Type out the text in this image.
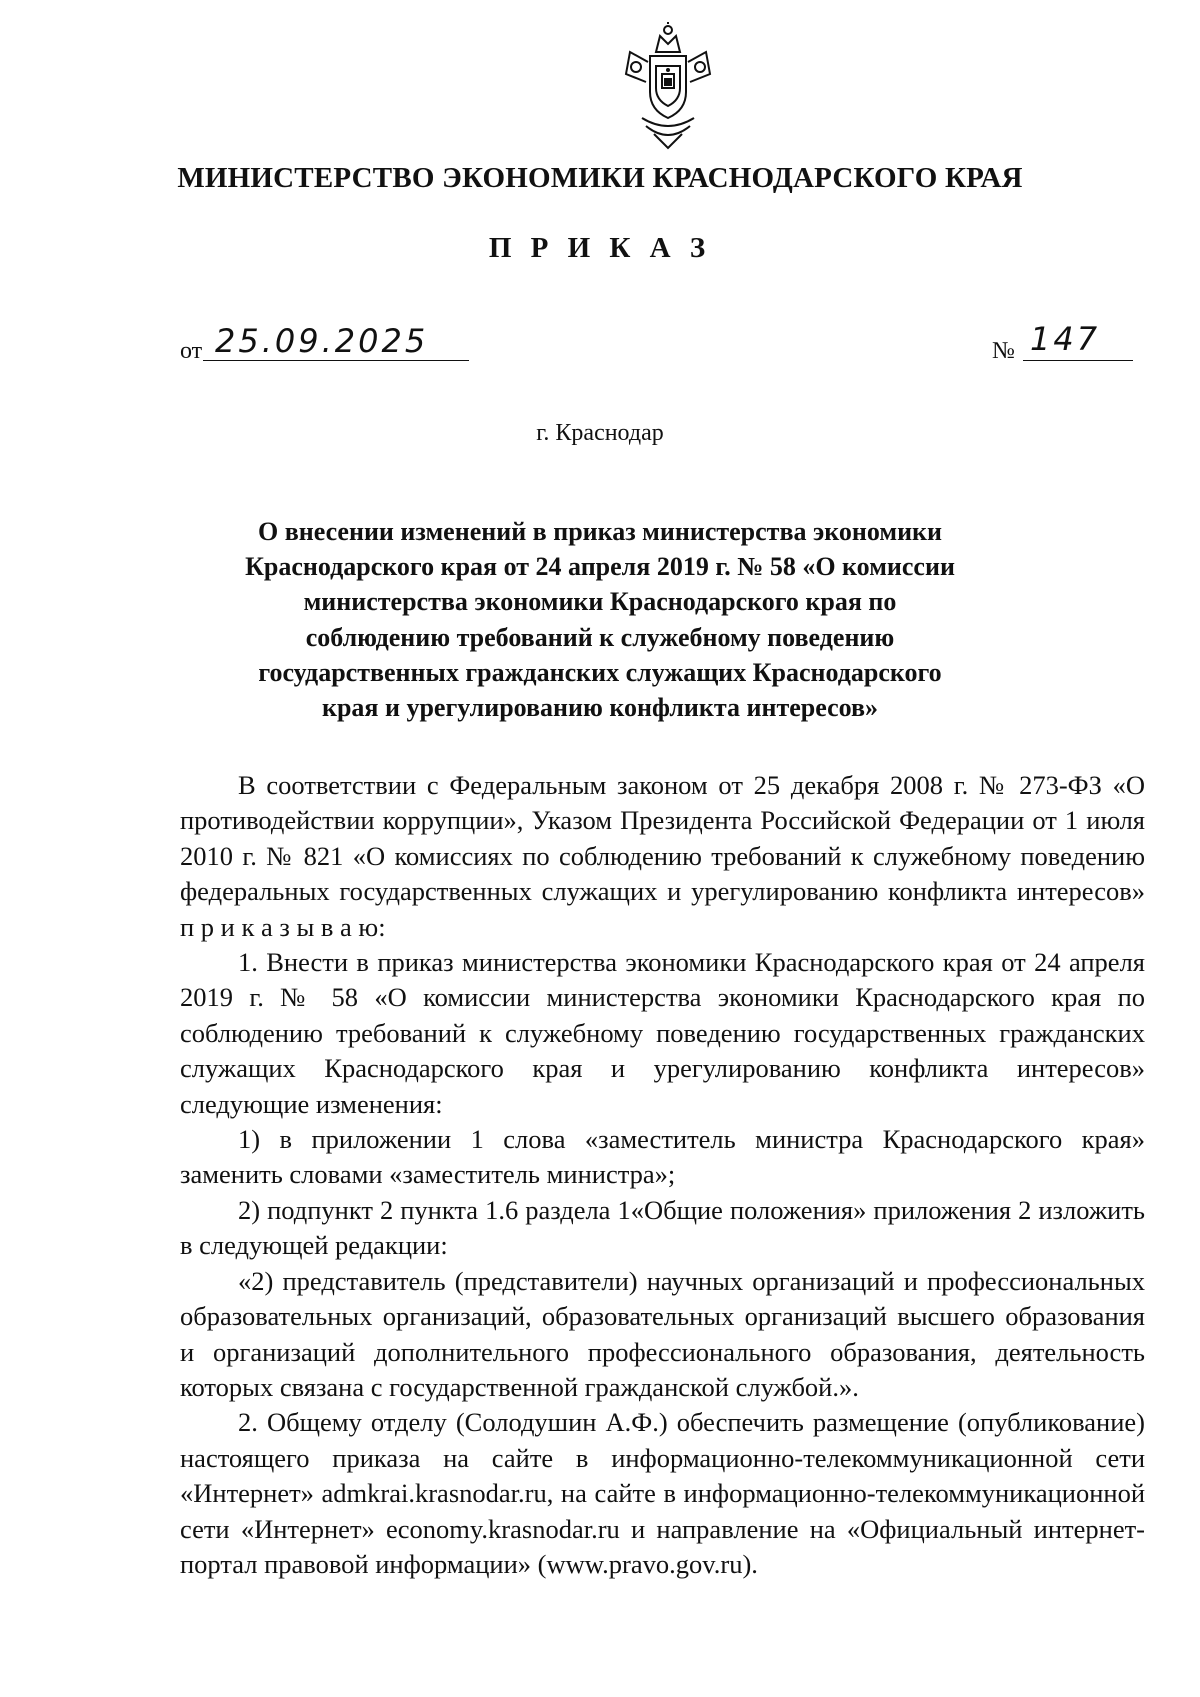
МИНИСТЕРСТВО ЭКОНОМИКИ КРАСНОДАРСКОГО КРАЯ
П Р И К А З
от 25.09.2025	№ 147
г. Краснодар

О внесении изменений в приказ министерства экономики Краснодарского края от 24 апреля 2019 г. № 58 «О комиссии министерства экономики Краснодарского края по соблюдению требований к служебному поведению государственных гражданских служащих Краснодарского края и урегулированию конфликта интересов»

В соответствии с Федеральным законом от 25 декабря 2008 г. № 273-ФЗ «О противодействии коррупции», Указом Президента Российской Федерации от 1 июля 2010 г. № 821 «О комиссиях по соблюдению требований к служебному поведению федеральных государственных служащих и урегулированию конфликта интересов» п р и к а з ы в а ю:

1. Внести в приказ министерства экономики Краснодарского края от 24 апреля 2019 г. № 58 «О комиссии министерства экономики Краснодарского края по соблюдению требований к служебному поведению государственных гражданских служащих Краснодарского края и урегулированию конфликта интересов» следующие изменения:

1) в приложении 1 слова «заместитель министра Краснодарского края» заменить словами «заместитель министра»;

2) подпункт 2 пункта 1.6 раздела 1«Общие положения» приложения 2 изложить в следующей редакции:

«2) представитель (представители) научных организаций и профессиональных образовательных организаций, образовательных организаций высшего образования и организаций дополнительного профессионального образования, деятельность которых связана с государственной гражданской службой.».

2. Общему отделу (Солодушин А.Ф.) обеспечить размещение (опубликование) настоящего приказа на сайте в информационно-телекоммуникационной сети «Интернет» admkrai.krasnodar.ru, на сайте в информационно-телекоммуникационной сети «Интернет» economy.krasnodar.ru и направление на «Официальный интернет-портал правовой информации» (www.pravo.gov.ru).
